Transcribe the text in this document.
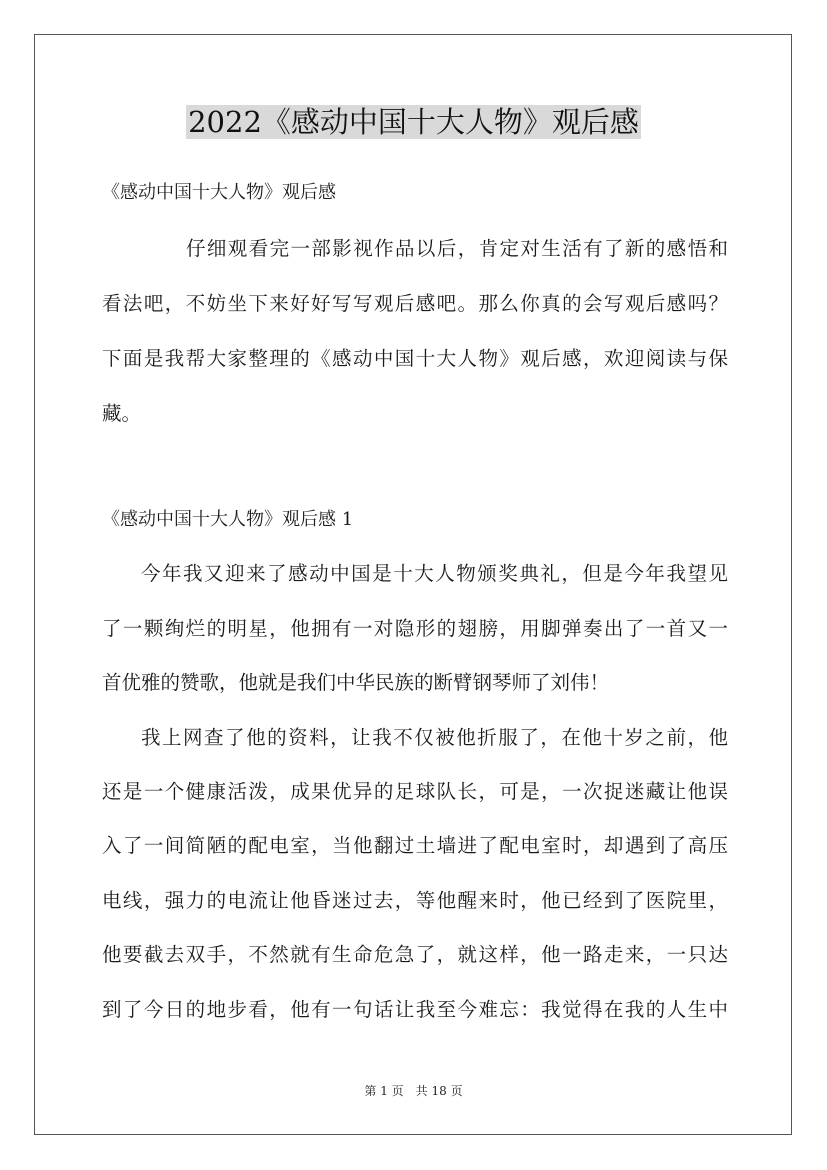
2022《感动中国十大人物》观后感
《感动中国十大人物》观后感
仔细观看完一部影视作品以后，肯定对生活有了新的感悟和
看法吧，不妨坐下来好好写写观后感吧。那么你真的会写观后感吗？
下面是我帮大家整理的《感动中国十大人物》观后感，欢迎阅读与保
藏。
《感动中国十大人物》观后感 1
今年我又迎来了感动中国是十大人物颁奖典礼，但是今年我望见
了一颗绚烂的明星，他拥有一对隐形的翅膀，用脚弹奏出了一首又一
首优雅的赞歌，他就是我们中华民族的断臂钢琴师了刘伟！
我上网查了他的资料，让我不仅被他折服了，在他十岁之前，他
还是一个健康活泼，成果优异的足球队长，可是，一次捉迷藏让他误
入了一间简陋的配电室，当他翻过土墙进了配电室时，却遇到了高压
电线，强力的电流让他昏迷过去，等他醒来时，他已经到了医院里，
他要截去双手，不然就有生命危急了，就这样，他一路走来，一只达
到了今日的地步看，他有一句话让我至今难忘：我觉得在我的人生中
第 1 页　共 18 页
